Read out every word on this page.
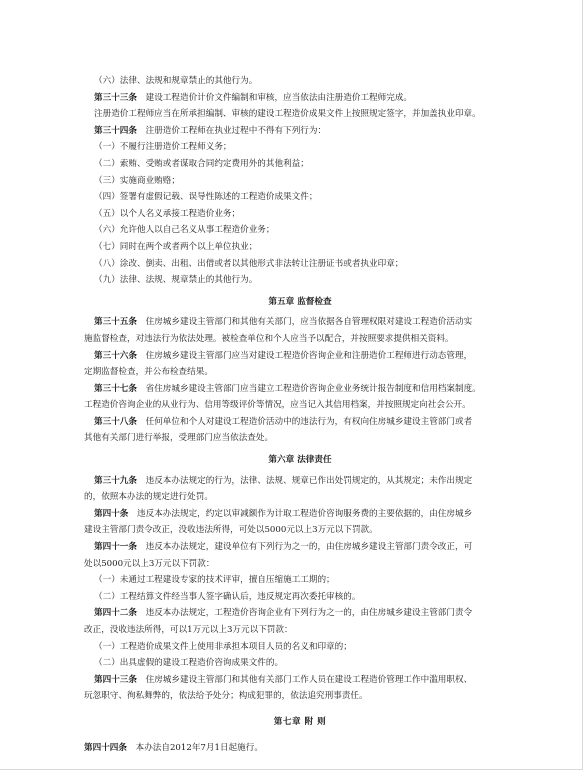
（六）法律、法规和规章禁止的其他行为。
第三十三条　 建设工程造价计价文件编制和审核，应当依法由注册造价工程师完成。
注册造价工程师应当在所承担编制、审核的建设工程造价成果文件上按照规定签字，并加盖执业印章。
第三十四条　 注册造价工程师在执业过程中不得有下列行为：
（一）不履行注册造价工程师义务；
（二）索贿、受贿或者谋取合同约定费用外的其他利益；
（三）实施商业贿赂；
（四）签署有虚假记载、误导性陈述的工程造价成果文件；
（五）以个人名义承接工程造价业务；
（六）允许他人以自己名义从事工程造价业务；
（七）同时在两个或者两个以上单位执业；
（八）涂改、倒卖、出租、出借或者以其他形式非法转让注册证书或者执业印章；
（九）法律、法规、规章禁止的其他行为。
第五章 监督检查
第三十五条　 住房城乡建设主管部门和其他有关部门，应当依据各自管理权限对建设工程造价活动实
施监督检查，对违法行为依法处理。被检查单位和个人应当予以配合，并按照要求提供相关资料。
第三十六条　 住房城乡建设主管部门应当对建设工程造价咨询企业和注册造价工程师进行动态管理，
定期监督检查，并公布检查结果。
第三十七条　 省住房城乡建设主管部门应当建立工程造价咨询企业业务统计报告制度和信用档案制度。
工程造价咨询企业的从业行为、信用等级评价等情况，应当记入其信用档案，并按照规定向社会公开。
第三十八条　 任何单位和个人对建设工程造价活动中的违法行为，有权向住房城乡建设主管部门或者
其他有关部门进行举报，受理部门应当依法查处。
第六章 法律责任
第三十九条　 违反本办法规定的行为，法律、法规、规章已作出处罚规定的，从其规定；未作出规定
的，依照本办法的规定进行处罚。
第四十条　 违反本办法规定，约定以审减额作为计取工程造价咨询服务费的主要依据的，由住房城乡
建设主管部门责令改正，没收违法所得，可处以5000元以上3万元以下罚款。
第四十一条　 违反本办法规定，建设单位有下列行为之一的，由住房城乡建设主管部门责令改正，可
处以5000元以上3万元以下罚款：
（一）未通过工程建设专家的技术评审，擅自压缩施工工期的；
（二）工程结算文件经当事人签字确认后，违反规定再次委托审核的。
第四十二条　 违反本办法规定，工程造价咨询企业有下列行为之一的，由住房城乡建设主管部门责令
改正，没收违法所得，可以1万元以上3万元以下罚款：
（一）工程造价成果文件上使用非承担本项目人员的名义和印章的；
（二）出具虚假的建设工程造价咨询成果文件的。
第四十三条　 住房城乡建设主管部门和其他有关部门工作人员在建设工程造价管理工作中滥用职权、
玩忽职守、徇私舞弊的，依法给予处分；构成犯罪的，依法追究刑事责任。
第七章 附 则
第四十四条　 本办法自2012年7月1日起施行。
